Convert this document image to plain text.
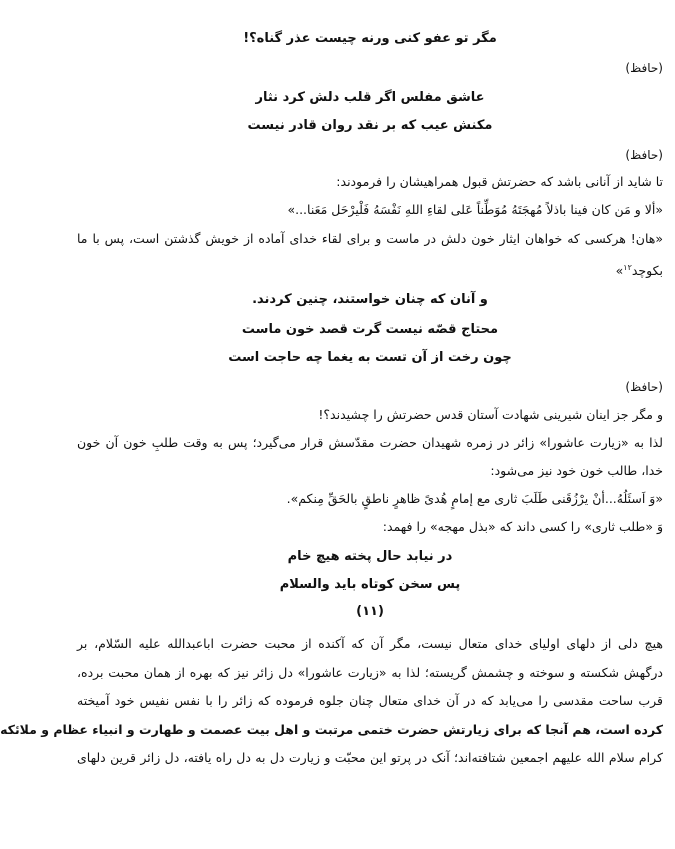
مگر تو عفو کنی ورنه چیست عذر گناه؟!
(حافظ)
عاشق مفلس اگر قلب دلش کرد نثار
مکنش عیب که بر نقد روان قادر نیست
(حافظ)
تا شاید از آنانی باشد که حضرتش قبول همراهیشان را فرمودند:
«ألا و مَن کان فینا باذلاً مُهجَتَهُ مُوَطِّناً عَلی لقاءِ اللهِ نَفْسَهُ فَلْیرْحَل مَعَنا...»
«هان! هرکسی که خواهان ایثار خون دلش در ماست و برای لقاء خدای آماده از خویش گذشتن است، پس با ما
بکوچد$^{۱۲}$»
و آنان که چنان خواستند، چنین کردند.
محتاج قصّه نیست گرت قصد خون ماست
چون رخت از آن تست به یغما چه حاجت است
(حافظ)
و مگر جز اینان شیرینی شهادت آستان قدس حضرتش را چشیدند؟!
لذا به «زیارت عاشورا» زائر در زمره شهیدان حضرت مقدّسش قرار می‌گیرد؛ پس به وقت طلبِ خون آن خون
خدا، طالب خون خود نیز می‌شود:
«وَ اَسئَلُهُ...أنْ یرْزُقَنی طَلَبَ ثاری مع إمامٍ هُدیً ظاهرٍ ناطقٍ بالحَقِّ مِنکم».
وَ «طلب ثاری» را کسی داند که «بذل مهجه» را فهمد:
در نیابد حال پخته هیچ خام
پس سخن کوتاه باید والسلام
(۱۱)
هیچ دلی از دلهای اولیای خدای متعال نیست، مگر آن که آکنده از محبت حضرت اباعبدالله علیه السّلام، بر
درگهش شکسته و سوخته و چشمش گریسته؛ لذا به «زیارت عاشورا» دل زائر نیز که بهره از همان محبت برده،
قرب ساحت مقدسی را می‌یابد که در آن خدای متعال چنان جلوه فرموده که زائر را با نفس نفیس خود آمیخته
کرده است، هم آنجا که برای زیارتش حضرت ختمی مرتبت و اهل بیت عصمت و طهارت و انبیاء عظام و ملائکه
کرام سلام الله علیهم اجمعین شتافته‌اند؛ آنک در پرتو این محبّت و زیارت دل به دل راه یافته، دل زائر قرین دلهای
